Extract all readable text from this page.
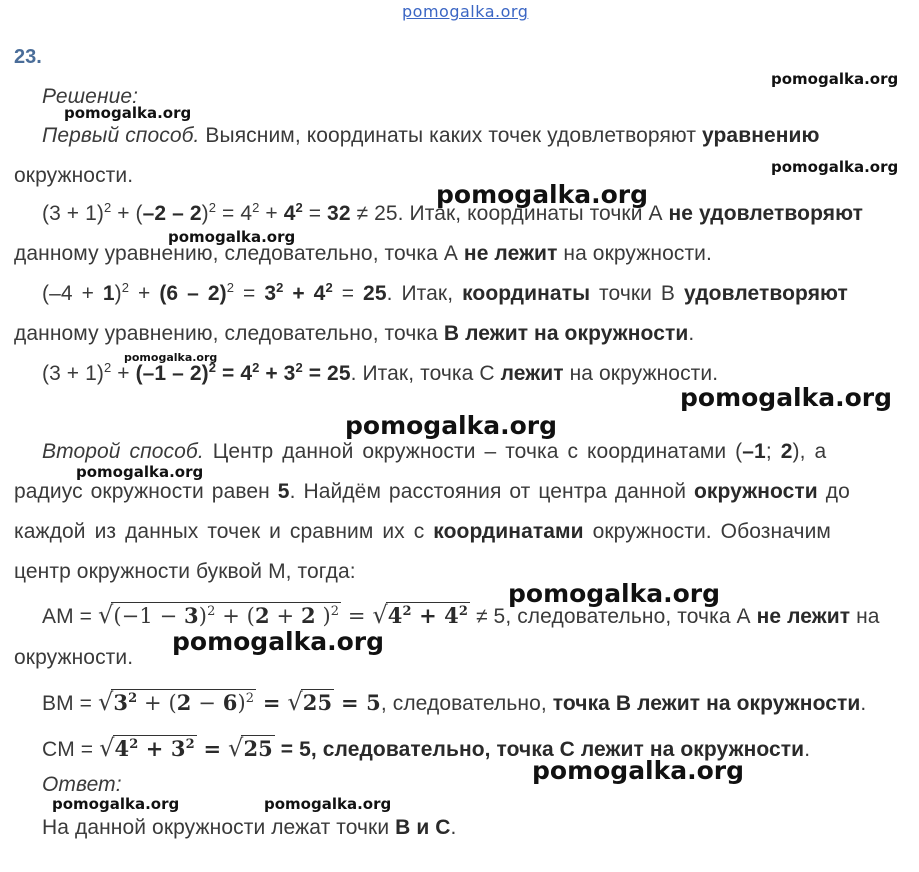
pomogalka.org
23.
Решение:
Первый способ. Выясним, координаты каких точек удовлетворяют уравнению
окружности.
$(3 + 1)^2 + (-2 - 2)^2 = 4^2 + 4^2 = 32 \ne 25$. Итак, координаты точки А не удовлетворяют
данному уравнению, следовательно, точка А не лежит на окружности.
$(-4 + 1)^2 + (6 - 2)^2 = 3^2 + 4^2 = 25$. Итак, координаты точки В удовлетворяют
данному уравнению, следовательно, точка В лежит на окружности.
$(3 + 1)^2 + (-1 - 2)^2 = 4^2 + 3^2 = 25$. Итак, точка С лежит на окружности.
Второй способ. Центр данной окружности – точка с координатами (–1; 2), а
радиус окружности равен 5. Найдём расстояния от центра данной окружности до
каждой из данных точек и сравним их с координатами окружности. Обозначим
центр окружности буквой М, тогда:
AM = $√(-1 - 3)^2 + (2 + 2$ )$^2 = √4^2 + 4^2 \ne 5$, следовательно, точка А не лежит на
окружности.
BM = $√3^2 + (2 - 6)^2 = √25 = 5$, следовательно, точка В лежит на окружности.
CM = $√4^2 + 3^2 = √25 = 5$, следовательно, точка С лежит на окружности.
Ответ:
На данной окружности лежат точки В и С.
pomogalka.org
pomogalka.org
pomogalka.org
pomogalka.org
pomogalka.org
pomogalka.org
pomogalka.org
pomogalka.org
pomogalka.org
pomogalka.org
pomogalka.org
pomogalka.org
pomogalka.org	pomogalka.org
